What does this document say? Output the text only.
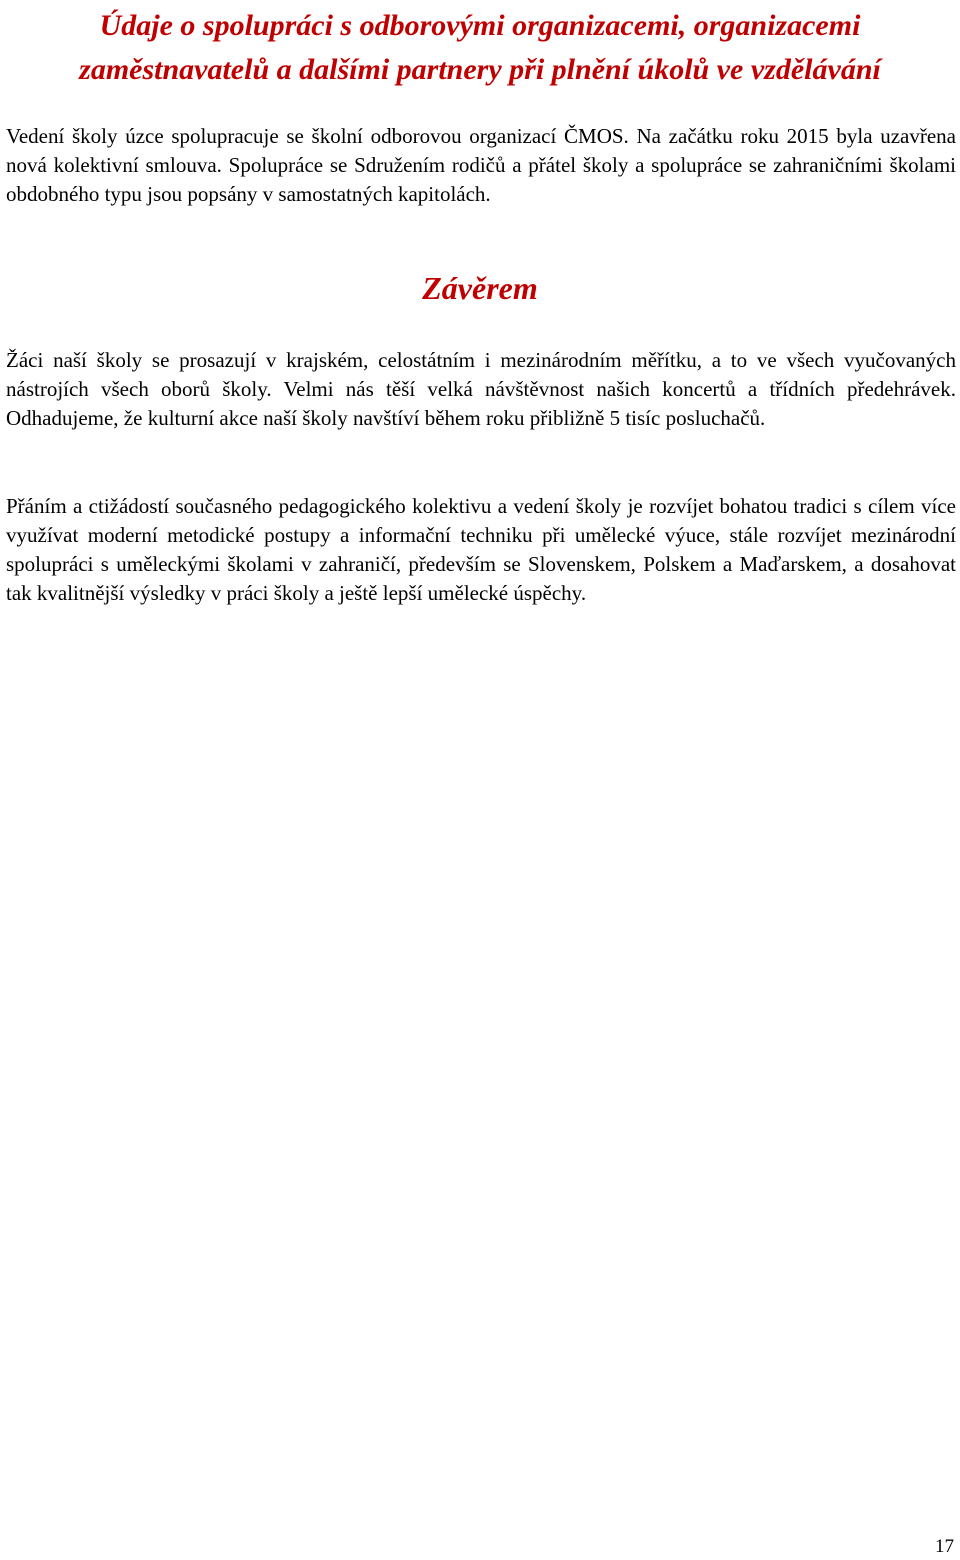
Údaje o spolupráci s odborovými organizacemi, organizacemi zaměstnavatelů a dalšími partnery při plnění úkolů ve vzdělávání

Vedení školy úzce spolupracuje se školní odborovou organizací ČMOS. Na začátku roku 2015 byla uzavřena nová kolektivní smlouva. Spolupráce se Sdružením rodičů a přátel školy a spolupráce se zahraničními školami obdobného typu jsou popsány v samostatných kapitolách.

Závěrem

Žáci naší školy se prosazují v krajském, celostátním i mezinárodním měřítku, a to ve všech vyučovaných nástrojích všech oborů školy. Velmi nás těší velká návštěvnost našich koncertů a třídních předehrávek. Odhadujeme, že kulturní akce naší školy navštíví během roku přibližně 5 tisíc posluchačů.

Přáním a ctižádostí současného pedagogického kolektivu a vedení školy je rozvíjet bohatou tradici s cílem více využívat moderní metodické postupy a informační techniku při umělecké výuce, stále rozvíjet mezinárodní spolupráci s uměleckými školami v zahraničí, především se Slovenskem, Polskem a Maďarskem, a dosahovat tak kvalitnější výsledky v práci školy a ještě lepší umělecké úspěchy.

17
